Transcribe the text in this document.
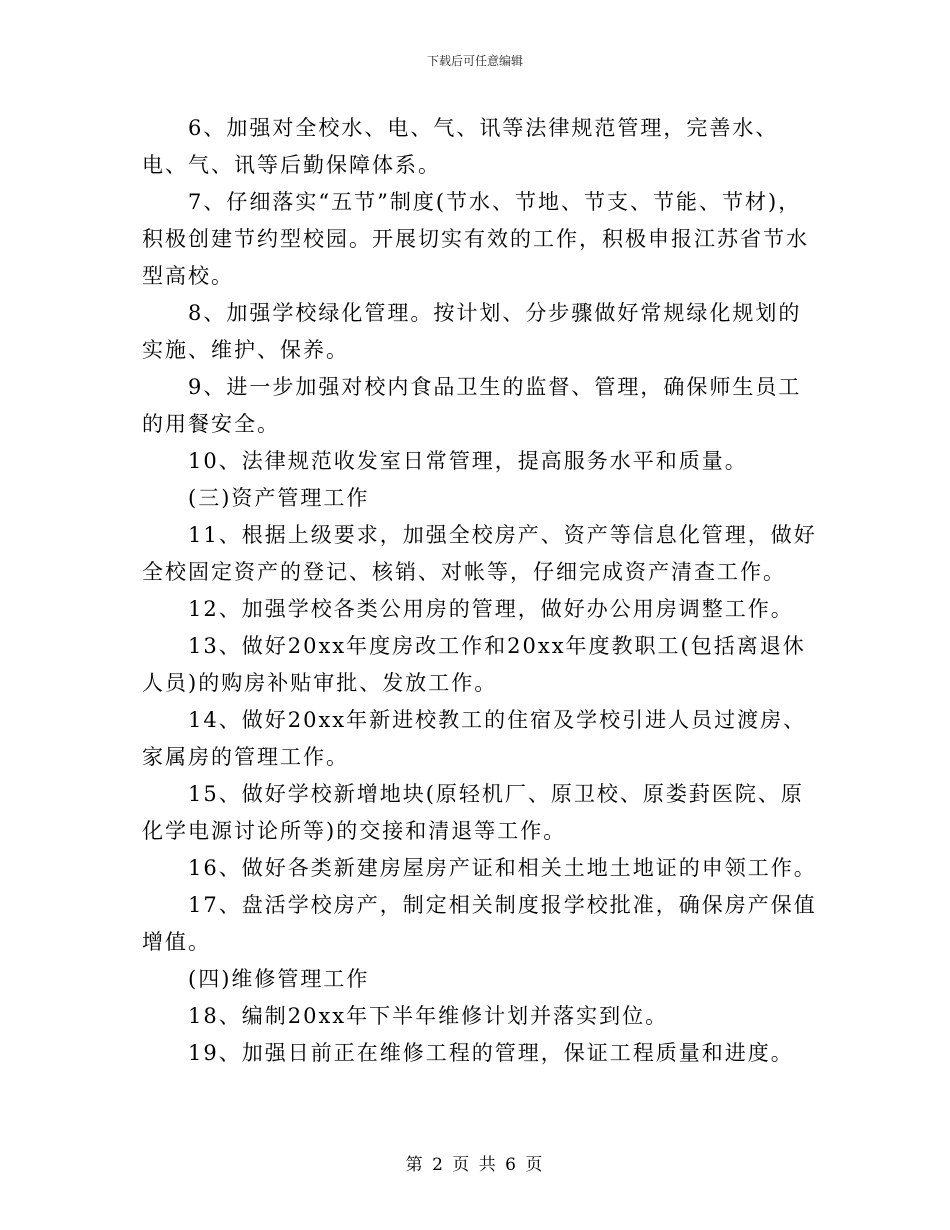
下载后可任意编辑

6、加强对全校水、电、气、讯等法律规范管理，完善水、电、气、讯等后勤保障体系。

7、仔细落实“五节”制度(节水、节地、节支、节能、节材)，积极创建节约型校园。开展切实有效的工作，积极申报江苏省节水型高校。

8、加强学校绿化管理。按计划、分步骤做好常规绿化规划的实施、维护、保养。

9、进一步加强对校内食品卫生的监督、管理，确保师生员工的用餐安全。

10、法律规范收发室日常管理，提高服务水平和质量。

(三)资产管理工作

11、根据上级要求，加强全校房产、资产等信息化管理，做好全校固定资产的登记、核销、对帐等，仔细完成资产清查工作。

12、加强学校各类公用房的管理，做好办公用房调整工作。

13、做好20xx年度房改工作和20xx年度教职工(包括离退休人员)的购房补贴审批、发放工作。

14、做好20xx年新进校教工的住宿及学校引进人员过渡房、家属房的管理工作。

15、做好学校新增地块(原轻机厂、原卫校、原娄葑医院、原化学电源讨论所等)的交接和清退等工作。

16、做好各类新建房屋房产证和相关土地土地证的申领工作。

17、盘活学校房产，制定相关制度报学校批准，确保房产保值增值。

(四)维修管理工作

18、编制20xx年下半年维修计划并落实到位。

19、加强日前正在维修工程的管理，保证工程质量和进度。

第 2 页 共 6 页
